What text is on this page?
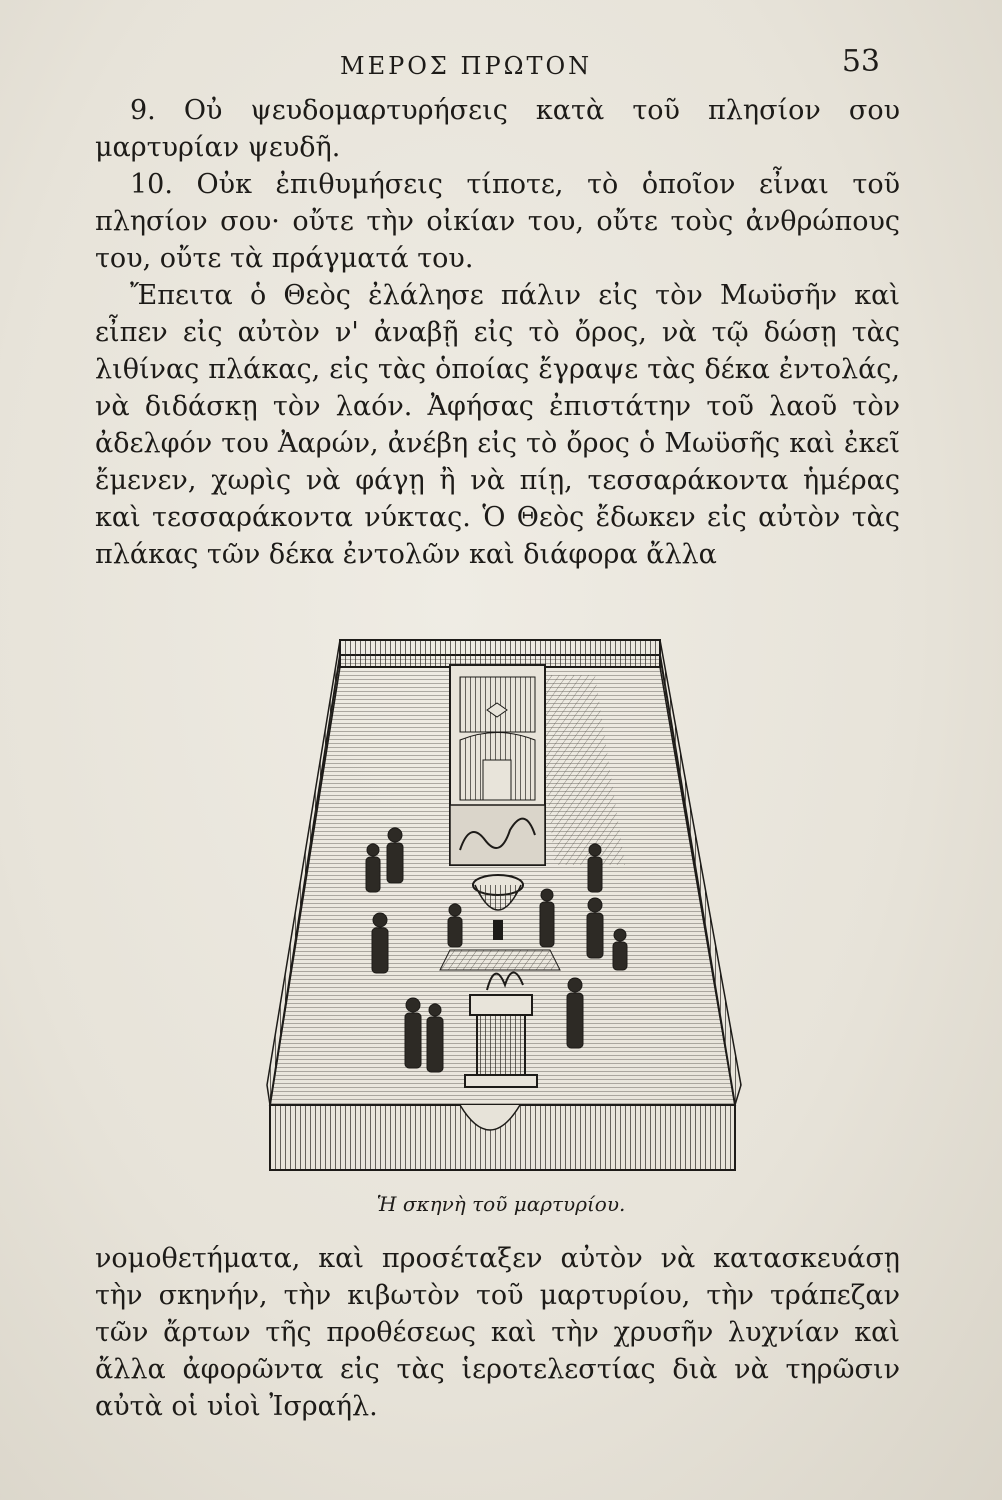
ΜΕΡΟΣ ΠΡΩΤΟΝ	53

9. Οὐ ψευδομαρτυρήσεις κατὰ τοῦ πλησίον σου μαρτυρίαν ψευδῆ.

10. Οὐκ ἐπιθυμήσεις τίποτε, τὸ ὁποῖον εἶναι τοῦ πλησίον σου· οὔτε τὴν οἰκίαν του, οὔτε τοὺς ἀνθρώπους του, οὔτε τὰ πράγματά του.

Ἔπειτα ὁ Θεὸς ἐλάλησε πάλιν εἰς τὸν Μωϋσῆν καὶ εἶπεν εἰς αὐτὸν ν' ἀναβῇ εἰς τὸ ὄρος, νὰ τῷ δώσῃ τὰς λιθίνας πλάκας, εἰς τὰς ὁποίας ἔγραψε τὰς δέκα ἐντολάς, νὰ διδάσκῃ τὸν λαόν. Ἀφήσας ἐπιστάτην τοῦ λαοῦ τὸν ἀδελφόν του Ἀαρών, ἀνέβη εἰς τὸ ὄρος ὁ Μωϋσῆς καὶ ἐκεῖ ἔμενεν, χωρὶς νὰ φάγῃ ἢ νὰ πίῃ, τεσσαράκοντα ἡμέρας καὶ τεσσαράκοντα νύκτας. Ὁ Θεὸς ἔδωκεν εἰς αὐτὸν τὰς πλάκας τῶν δέκα ἐντολῶν καὶ διάφορα ἄλλα

Ἡ σκηνὴ τοῦ μαρτυρίου.

νομοθετήματα, καὶ προσέταξεν αὐτὸν νὰ κατασκευάσῃ τὴν σκηνήν, τὴν κιβωτὸν τοῦ μαρτυρίου, τὴν τράπεζαν τῶν ἄρτων τῆς προθέσεως καὶ τὴν χρυσῆν λυχνίαν καὶ ἄλλα ἀφορῶντα εἰς τὰς ἱεροτελεστίας διὰ νὰ τηρῶσιν αὐτὰ οἱ υἱοὶ Ἰσραήλ.
